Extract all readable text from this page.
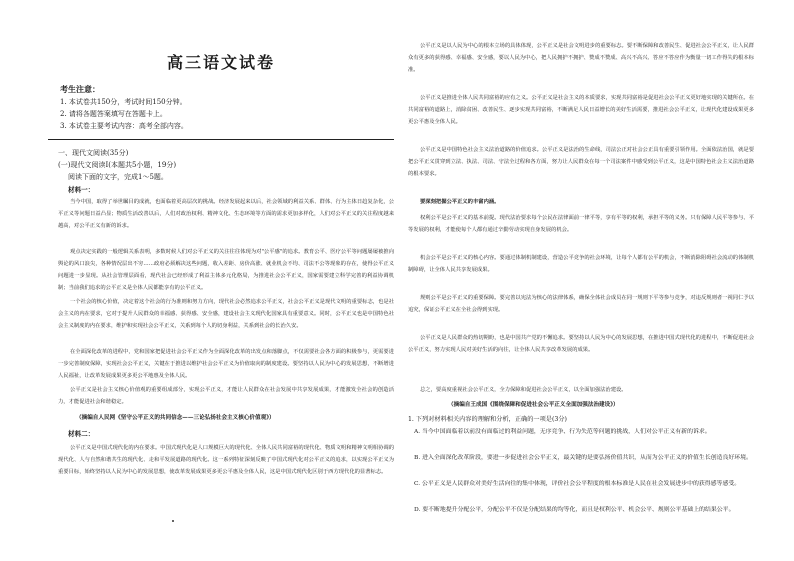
高三语文试卷
考生注意：
1. 本试卷共150分，考试时间150分钟。
2. 请将各题答案填写在答题卡上。
3. 本试卷主要考试内容：高考全部内容。
一、现代文阅读(35分)
(一)现代文阅读Ⅰ(本题共5小题，19分)
阅读下面的文字，完成1～5题。
材料一：
当今中国，取得了举世瞩目的成就，也面临着更高层次的挑战。经济发展起来以后，社会领域的利益关系、群体、行为主体日趋复杂化，公平正义等问题日益凸显；物质生活改善以后，人们对政治权利、精神文化、生态环境等方面的需求更加多样化，人们对公平正义的关注程度越来越高，对公平正义有新的诉求。
观点决定实践的一般逻辑关系表明，多数时候人们对公平正义的关注往往体现为对"公平感"的追求。教育公平、医疗公平等问题屡屡被推向舆论的风口浪尖，各种情况层出不穷……政府必须解决这些问题，收入差距、房价高涨、就业机会不均、司法不公等现象的存在，使得公平正义问题进一步显现。从社会管理层面看，现代社会已经形成了利益主体多元化格局，为推进社会公平正义，国家需要建立科学完善的利益协调机制；当前我们追求的公平正义是全体人民都能享有的公平正义。
一个社会的核心价值，决定着这个社会的行为准则和努力方向，现代社会必然追求公平正义，社会公平正义是现代文明的重要标志，也是社会主义的内在要求，它对于提升人民群众的幸福感、获得感、安全感，建设社会主义现代化国家具有重要意义。同时，公平正义也是中国特色社会主义制度的内在要求，维护和实现社会公平正义，关系到每个人的切身利益，关系到社会的长治久安。
在全面深化改革的进程中，党和国家把促进社会公平正义作为全面深化改革的出发点和落脚点，不仅需要社会各方面的积极参与，更需要进一步完善制度保障，实现社会公平正义，关键在于推进以维护社会公平正义为价值取向的制度建设。要坚持以人民为中心的发展思想，不断增进人民福祉，让改革发展成果更多更公平地惠及全体人民。
公平正义是社会主义核心价值观的重要组成部分，实现公平正义，才能让人民群众在社会发展中共享发展成果，才能激发全社会的创造活力，才能促进社会和谐稳定。
（摘编自人民网《坚守公平正义的共同信念——三论弘扬社会主义核心价值观》）
材料二：
公平正义是中国式现代化的内在要求。中国式现代化是人口规模巨大的现代化、全体人民共同富裕的现代化、物质文明和精神文明相协调的现代化、人与自然和谐共生的现代化、走和平发展道路的现代化。这一系列特征深刻反映了中国式现代化对公平正义的追求，以实现公平正义为重要目标，始终坚持以人民为中心的发展思想，使改革发展成果更多更公平惠及全体人民，这是中国式现代化区别于西方现代化的显著标志。
公平正义是以人民为中心的根本立场的具体体现，公平正义是社会文明进步的重要标志。要不断保障和改善民生、促进社会公平正义，让人民群众有更多的获得感、幸福感、安全感，要以人民为中心，把人民拥护不拥护、赞成不赞成、高兴不高兴、答应不答应作为衡量一切工作得失的根本标准。
公平正义是推进全体人民共同富裕的应有之义。公平正义是社会主义的本质要求，实现共同富裕是促进社会公平正义更好地实现的关键所在。在共同富裕的道路上，消除贫困、改善民生、逐步实现共同富裕，不断满足人民日益增长的美好生活需要，推进社会公平正义，让现代化建设成果更多更公平惠及全体人民。
公平正义是中国特色社会主义法治道路的价值追求。公平正义是法治的生命线，司法公正对社会公正具有重要引领作用。全面依法治国，就是要把公平正义贯穿到立法、执法、司法、守法全过程和各方面，努力让人民群众在每一个司法案件中感受到公平正义，这是中国特色社会主义法治道路的根本要求。
要深刻把握公平正义的丰富内涵。
权利公平是公平正义的基本前提。现代法治要求每个公民在法律面前一律平等，享有平等的权利，承担平等的义务。只有保障人民平等参与、平等发展的权利，才能使每个人都有通过辛勤劳动实现自身发展的机会。
机会公平是公平正义的核心内容。要通过体制机制建设，营造公平竞争的社会环境，让每个人都有公平的机会，不断消除阻碍社会流动的体制机制障碍，让全体人民共享发展成果。
规则公平是公平正义的重要保障。要完善以宪法为核心的法律体系，确保全体社会成员在同一规则下平等参与竞争，对违反规则者一视同仁予以追究，保证公平正义在全社会得到实现。
公平正义是人民群众的热切期盼，也是中国共产党的不懈追求。要坚持以人民为中心的发展思想，在推进中国式现代化的进程中，不断促进社会公平正义，努力实现人民对美好生活的向往，让全体人民共享改革发展的成果。
总之，要高度重视社会公平正义，全力保障和促进社会公平正义，以全面加强法治建设。
（摘编自王成国《围绕保障和促进社会公平正义全面加强法治建设》）
1. 下列对材料相关内容的理解和分析，正确的一项是(3分)
A. 当今中国面临着以前没有面临过的利益问题，无序竞争、行为失范等问题的挑战，人们对公平正义有新的诉求。
B. 进入全面深化改革阶段，要进一步促进社会公平正义，最关键的是要弘扬价值共识，从而为公平正义的价值生长创造良好环境。
C. 公平正义是人民群众对美好生活向往的集中体现，评价社会公平程度的根本标准是人民在社会发展进步中的获得感等感受。
D. 要不断地提升分配公平，分配公平不仅是分配结果的均等化，而且是权利公平、机会公平、规则公平基础上的结果公平。
